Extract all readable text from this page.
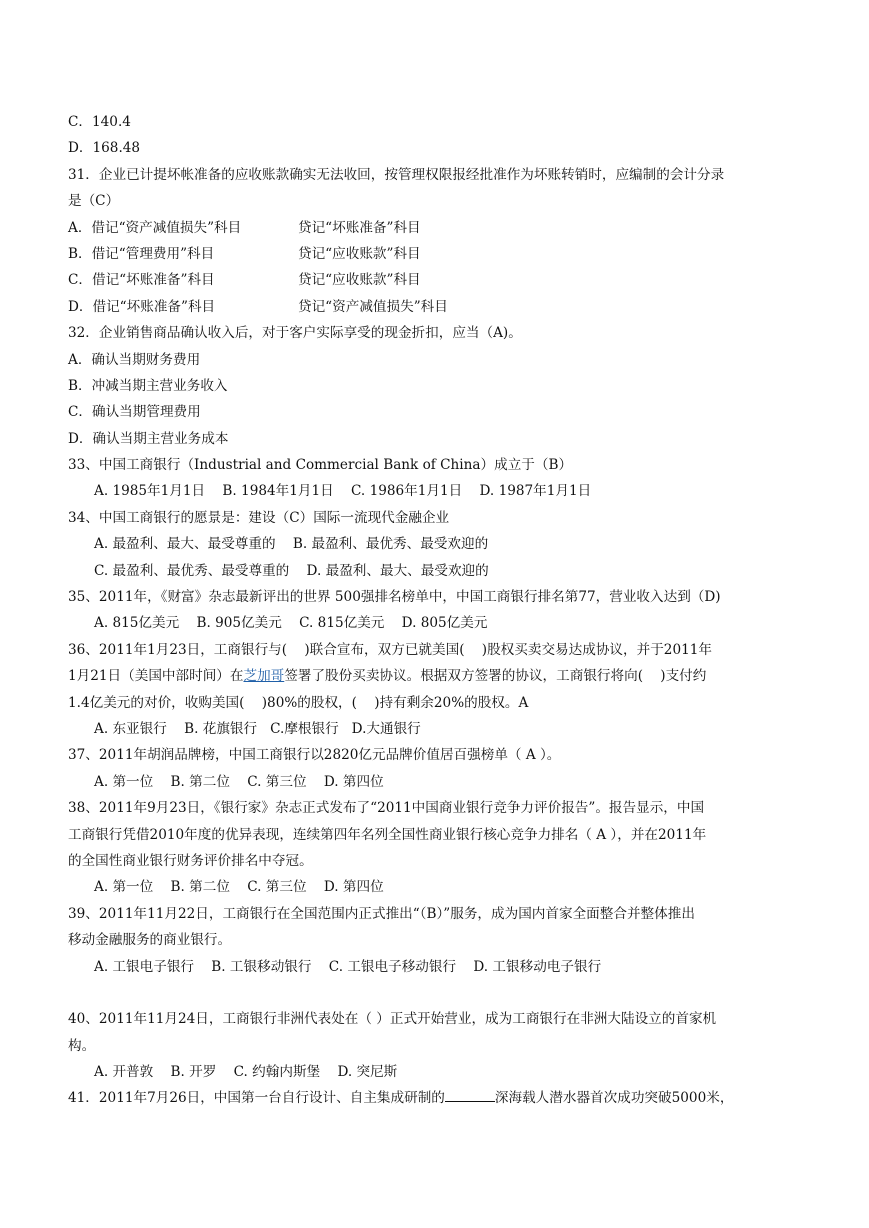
C．140.4
D．168.48
31．企业已计提坏帐准备的应收账款确实无法收回，按管理权限报经批准作为坏账转销时，应编制的会计分录
是（C）
A．借记“资产减值损失”科目	贷记“坏账准备”科目
B．借记“管理费用”科目	贷记“应收账款”科目
C．借记“坏账准备”科目	贷记“应收账款”科目
D．借记“坏账准备”科目	贷记“资产减值损失”科目
32．企业销售商品确认收入后，对于客户实际享受的现金折扣，应当（A)。
A．确认当期财务费用
B．冲减当期主营业务收入
C．确认当期管理费用
D．确认当期主营业务成本
33、中国工商银行（Industrial and Commercial Bank of China）成立于（B）
A. 1985年1月1日    B. 1984年1月1日    C. 1986年1月1日    D. 1987年1月1日
34、中国工商银行的愿景是：建设（C）国际一流现代金融企业
A. 最盈利、最大、最受尊重的    B. 最盈利、最优秀、最受欢迎的
C. 最盈利、最优秀、最受尊重的    D. 最盈利、最大、最受欢迎的
35、2011年，《财富》杂志最新评出的世界 500强排名榜单中，中国工商银行排名第77，营业收入达到（D)
A. 815亿美元    B. 905亿美元    C. 815亿美元    D. 805亿美元
36、2011年1月23日，工商银行与(    )联合宣布，双方已就美国(    )股权买卖交易达成协议，并于2011年
1月21日（美国中部时间）在芝加哥签署了股份买卖协议。根据双方签署的协议，工商银行将向(    )支付约
1.4亿美元的对价，收购美国(    )80%的股权，(    )持有剩余20%的股权。A
A. 东亚银行    B. 花旗银行   C.摩根银行   D.大通银行
37、2011年胡润品牌榜，中国工商银行以2820亿元品牌价值居百强榜单（ A ）。
A. 第一位    B. 第二位    C. 第三位    D. 第四位
38、2011年9月23日，《银行家》杂志正式发布了“2011中国商业银行竞争力评价报告”。报告显示，中国
工商银行凭借2010年度的优异表现，连续第四年名列全国性商业银行核心竞争力排名（ A ），并在2011年
的全国性商业银行财务评价排名中夺冠。
A. 第一位    B. 第二位    C. 第三位    D. 第四位
39、2011年11月22日，工商银行在全国范围内正式推出“（B）”服务，成为国内首家全面整合并整体推出
移动金融服务的商业银行。
A. 工银电子银行    B. 工银移动银行    C. 工银电子移动银行    D. 工银移动电子银行
40、2011年11月24日，工商银行非洲代表处在（ ）正式开始营业，成为工商银行在非洲大陆设立的首家机
构。
A. 开普敦    B. 开罗    C. 约翰内斯堡    D. 突尼斯
41．2011年7月26日，中国第一台自行设计、自主集成研制的	深海载人潜水器首次成功突破5000米，
